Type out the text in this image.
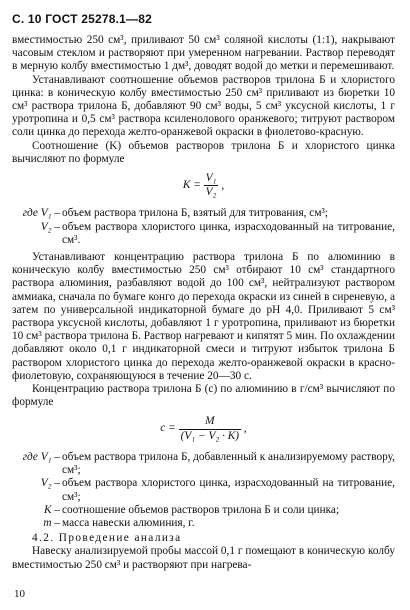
С. 10 ГОСТ 25278.1—82

вместимостью 250 см³, приливают 50 см³ соляной кислоты (1:1), накрывают часовым стеклом и растворяют при умеренном нагревании. Раствор переводят в мерную колбу вместимостью 1 дм³, доводят водой до метки и перемешивают.

Устанавливают соотношение объемов растворов трилона Б и хлористого цинка: в коническую колбу вместимостью 250 см³ приливают из бюретки 10 см³ раствора трилона Б, добавляют 90 см³ воды, 5 см³ уксусной кислоты, 1 г уротропина и 0,5 см³ раствора ксиленолового оранжевого; титруют раствором соли цинка до перехода желто-оранжевой окраски в фиолетово-красную.

Соотношение (K) объемов растворов трилона Б и хлористого цинка вычисляют по формуле

$K = \frac{\text{V₁}}{\text{V₂}}$ ,
где V₁ – объем раствора трилона Б, взятый для титрования, см³;
V₂ – объем раствора хлористого цинка, израсходованный на титрование, см³.

Устанавливают концентрацию раствора трилона Б по алюминию в коническую колбу вместимостью 250 см³ отбирают 10 см³ стандартного раствора алюминия, разбавляют водой до 100 см³, нейтрализуют раствором аммиака, сначала по бумаге конго до перехода окраски из синей в сиреневую, а затем по универсальной индикаторной бумаге до pH 4,0. Приливают 5 см³ раствора уксусной кислоты, добавляют 1 г уротропина, приливают из бюретки 10 см³ раствора трилона Б. Раствор нагревают и кипятят 5 мин. По охлаждении добавляют около 0,1 г индикаторной смеси и титруют избыток трилона Б раствором хлористого цинка до перехода желто-оранжевой окраски в красно-фиолетовую, сохраняющуюся в течение 20—30 с.

Концентрацию раствора трилона Б (c) по алюминию в г/см³ вычисляют по формуле

$c = \frac{M}{\text{(V₁ − V₂ · K)}}$ ,
где V₁ – объем раствора трилона Б, добавленный к анализируемому раствору, см³;
V₂ – объем раствора хлористого цинка, израсходованный на титрование, см³;
K – соотношение объемов растворов трилона Б и соли цинка;
m – масса навески алюминия, г.

4.2. Проведение анализа

Навеску анализируемой пробы массой 0,1 г помещают в коническую колбу вместимостью 250 см³ и растворяют при нагрева-

10
